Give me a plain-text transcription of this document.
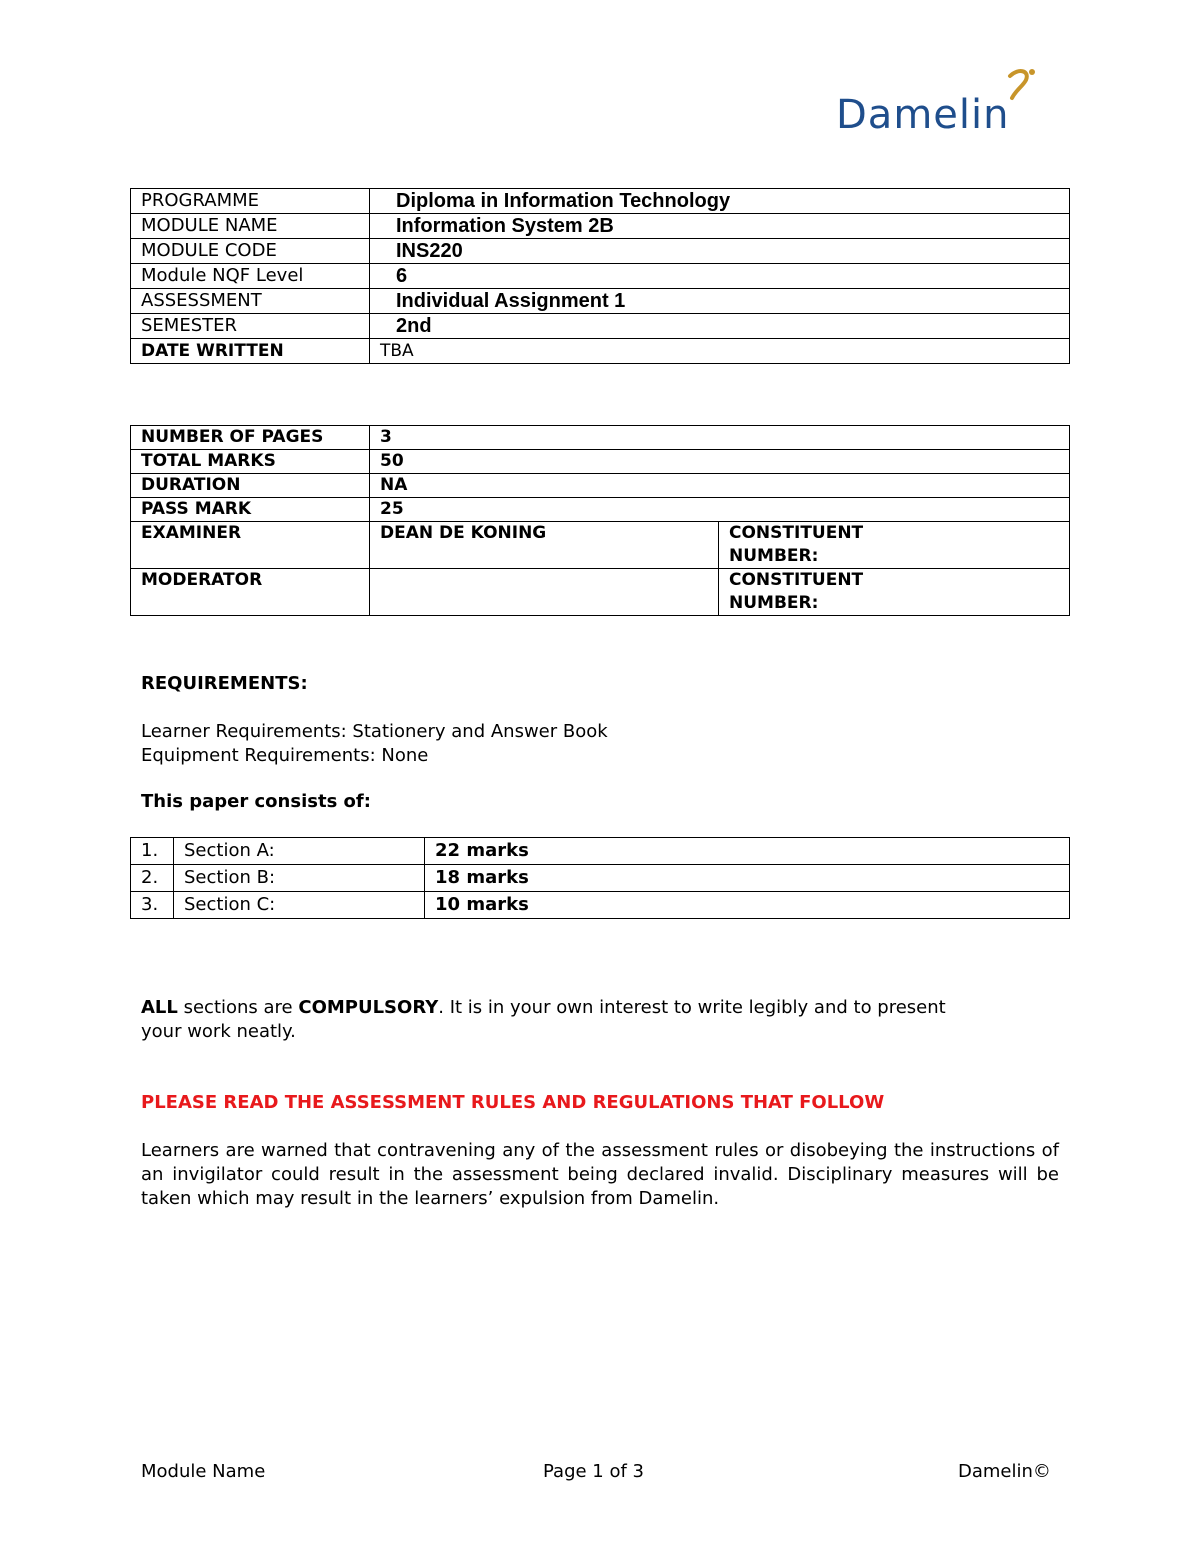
Damelin
PROGRAMME	Diploma in Information Technology
MODULE NAME	Information System 2B
MODULE CODE	INS220
Module NQF Level	6
ASSESSMENT	Individual Assignment 1
SEMESTER	2nd
DATE WRITTEN	TBA
NUMBER OF PAGES	3	
TOTAL MARKS	50	
DURATION	NA	
PASS MARK	25	
EXAMINER	DEAN DE KONING	CONSTITUENT
NUMBER:
MODERATOR		CONSTITUENT
NUMBER:
REQUIREMENTS:
Learner Requirements: Stationery and Answer Book
Equipment Requirements: None
This paper consists of:
1.	Section A:	22 marks
2.	Section B:	18 marks
3.	Section C:	10 marks
ALL sections are COMPULSORY. It is in your own interest to write legibly and to present
your work neatly.
PLEASE READ THE ASSESSMENT RULES AND REGULATIONS THAT FOLLOW
Learners are warned that contravening any of the assessment rules or disobeying the instructions of an invigilator could result in the assessment being declared invalid. Disciplinary measures will be taken which may result in the learners’ expulsion from Damelin.
Module Name	Page 1 of 3	Damelin©
